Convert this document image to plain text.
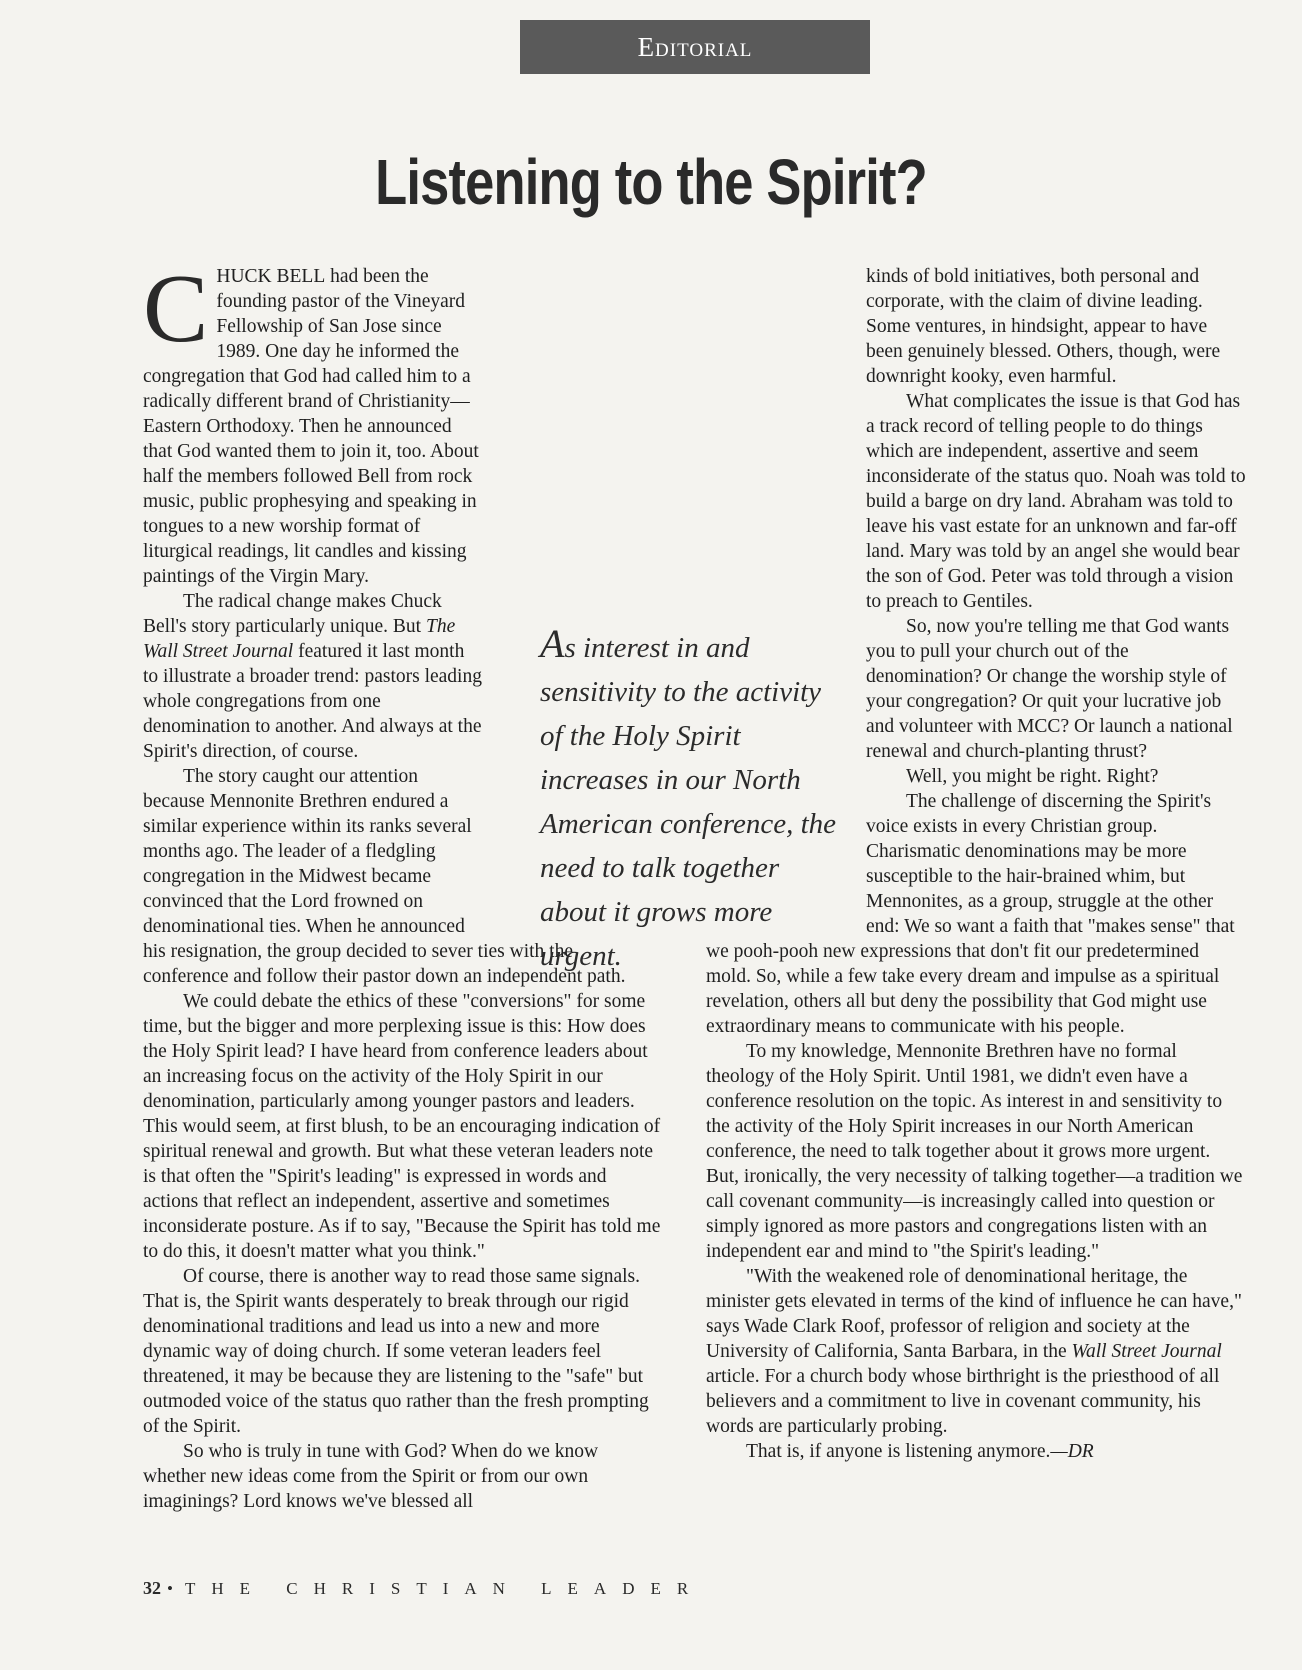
Editorial
Listening to the Spirit?

CHUCK BELL had been the founding pastor of the Vineyard Fellowship of San Jose since 1989. One day he informed the congregation that God had called him to a radically different brand of Christianity—Eastern Orthodoxy. Then he announced that God wanted them to join it, too. About half the members followed Bell from rock music, public prophesying and speaking in tongues to a new worship format of liturgical readings, lit candles and kissing paintings of the Virgin Mary.

The radical change makes Chuck Bell's story particularly unique. But The Wall Street Journal featured it last month to illustrate a broader trend: pastors leading whole congregations from one denomination to another. And always at the Spirit's direction, of course.

The story caught our attention because Mennonite Brethren endured a similar experience within its ranks several months ago. The leader of a fledgling congregation in the Midwest became convinced that the Lord frowned on denominational ties. When he announced his resignation, the group decided to sever ties with the conference and follow their pastor down an independent path.

We could debate the ethics of these "conversions" for some time, but the bigger and more perplexing issue is this: How does the Holy Spirit lead? I have heard from conference leaders about an increasing focus on the activity of the Holy Spirit in our denomination, particularly among younger pastors and leaders. This would seem, at first blush, to be an encouraging indication of spiritual renewal and growth. But what these veteran leaders note is that often the "Spirit's leading" is expressed in words and actions that reflect an independent, assertive and sometimes inconsiderate posture. As if to say, "Because the Spirit has told me to do this, it doesn't matter what you think."

Of course, there is another way to read those same signals. That is, the Spirit wants desperately to break through our rigid denominational traditions and lead us into a new and more dynamic way of doing church. If some veteran leaders feel threatened, it may be because they are listening to the "safe" but outmoded voice of the status quo rather than the fresh prompting of the Spirit.

So who is truly in tune with God? When do we know whether new ideas come from the Spirit or from our own imaginings? Lord knows we've blessed all

kinds of bold initiatives, both personal and corporate, with the claim of divine leading. Some ventures, in hindsight, appear to have been genuinely blessed. Others, though, were downright kooky, even harmful.

What complicates the issue is that God has a track record of telling people to do things which are independent, assertive and seem inconsiderate of the status quo. Noah was told to build a barge on dry land. Abraham was told to leave his vast estate for an unknown and far-off land. Mary was told by an angel she would bear the son of God. Peter was told through a vision to preach to Gentiles.

So, now you're telling me that God wants you to pull your church out of the denomination? Or change the worship style of your congregation? Or quit your lucrative job and volunteer with MCC? Or launch a national renewal and church-planting thrust?

Well, you might be right. Right?

The challenge of discerning the Spirit's voice exists in every Christian group. Charismatic denominations may be more susceptible to the hair-brained whim, but Mennonites, as a group, struggle at the other end: We so want a faith that "makes sense" that we pooh-pooh new expressions that don't fit our predetermined mold. So, while a few take every dream and impulse as a spiritual revelation, others all but deny the possibility that God might use extraordinary means to communicate with his people.

To my knowledge, Mennonite Brethren have no formal theology of the Holy Spirit. Until 1981, we didn't even have a conference resolution on the topic. As interest in and sensitivity to the activity of the Holy Spirit increases in our North American conference, the need to talk together about it grows more urgent. But, ironically, the very necessity of talking together—a tradition we call covenant community—is increasingly called into question or simply ignored as more pastors and congregations listen with an independent ear and mind to "the Spirit's leading."

"With the weakened role of denominational heritage, the minister gets elevated in terms of the kind of influence he can have," says Wade Clark Roof, professor of religion and society at the University of California, Santa Barbara, in the Wall Street Journal article. For a church body whose birthright is the priesthood of all believers and a commitment to live in covenant community, his words are particularly probing.

That is, if anyone is listening anymore.—DR

As interest in and sensitivity to the activity of the Holy Spirit increases in our North American conference, the need to talk together about it grows more urgent.
32 • THE CHRISTIAN LEADER
